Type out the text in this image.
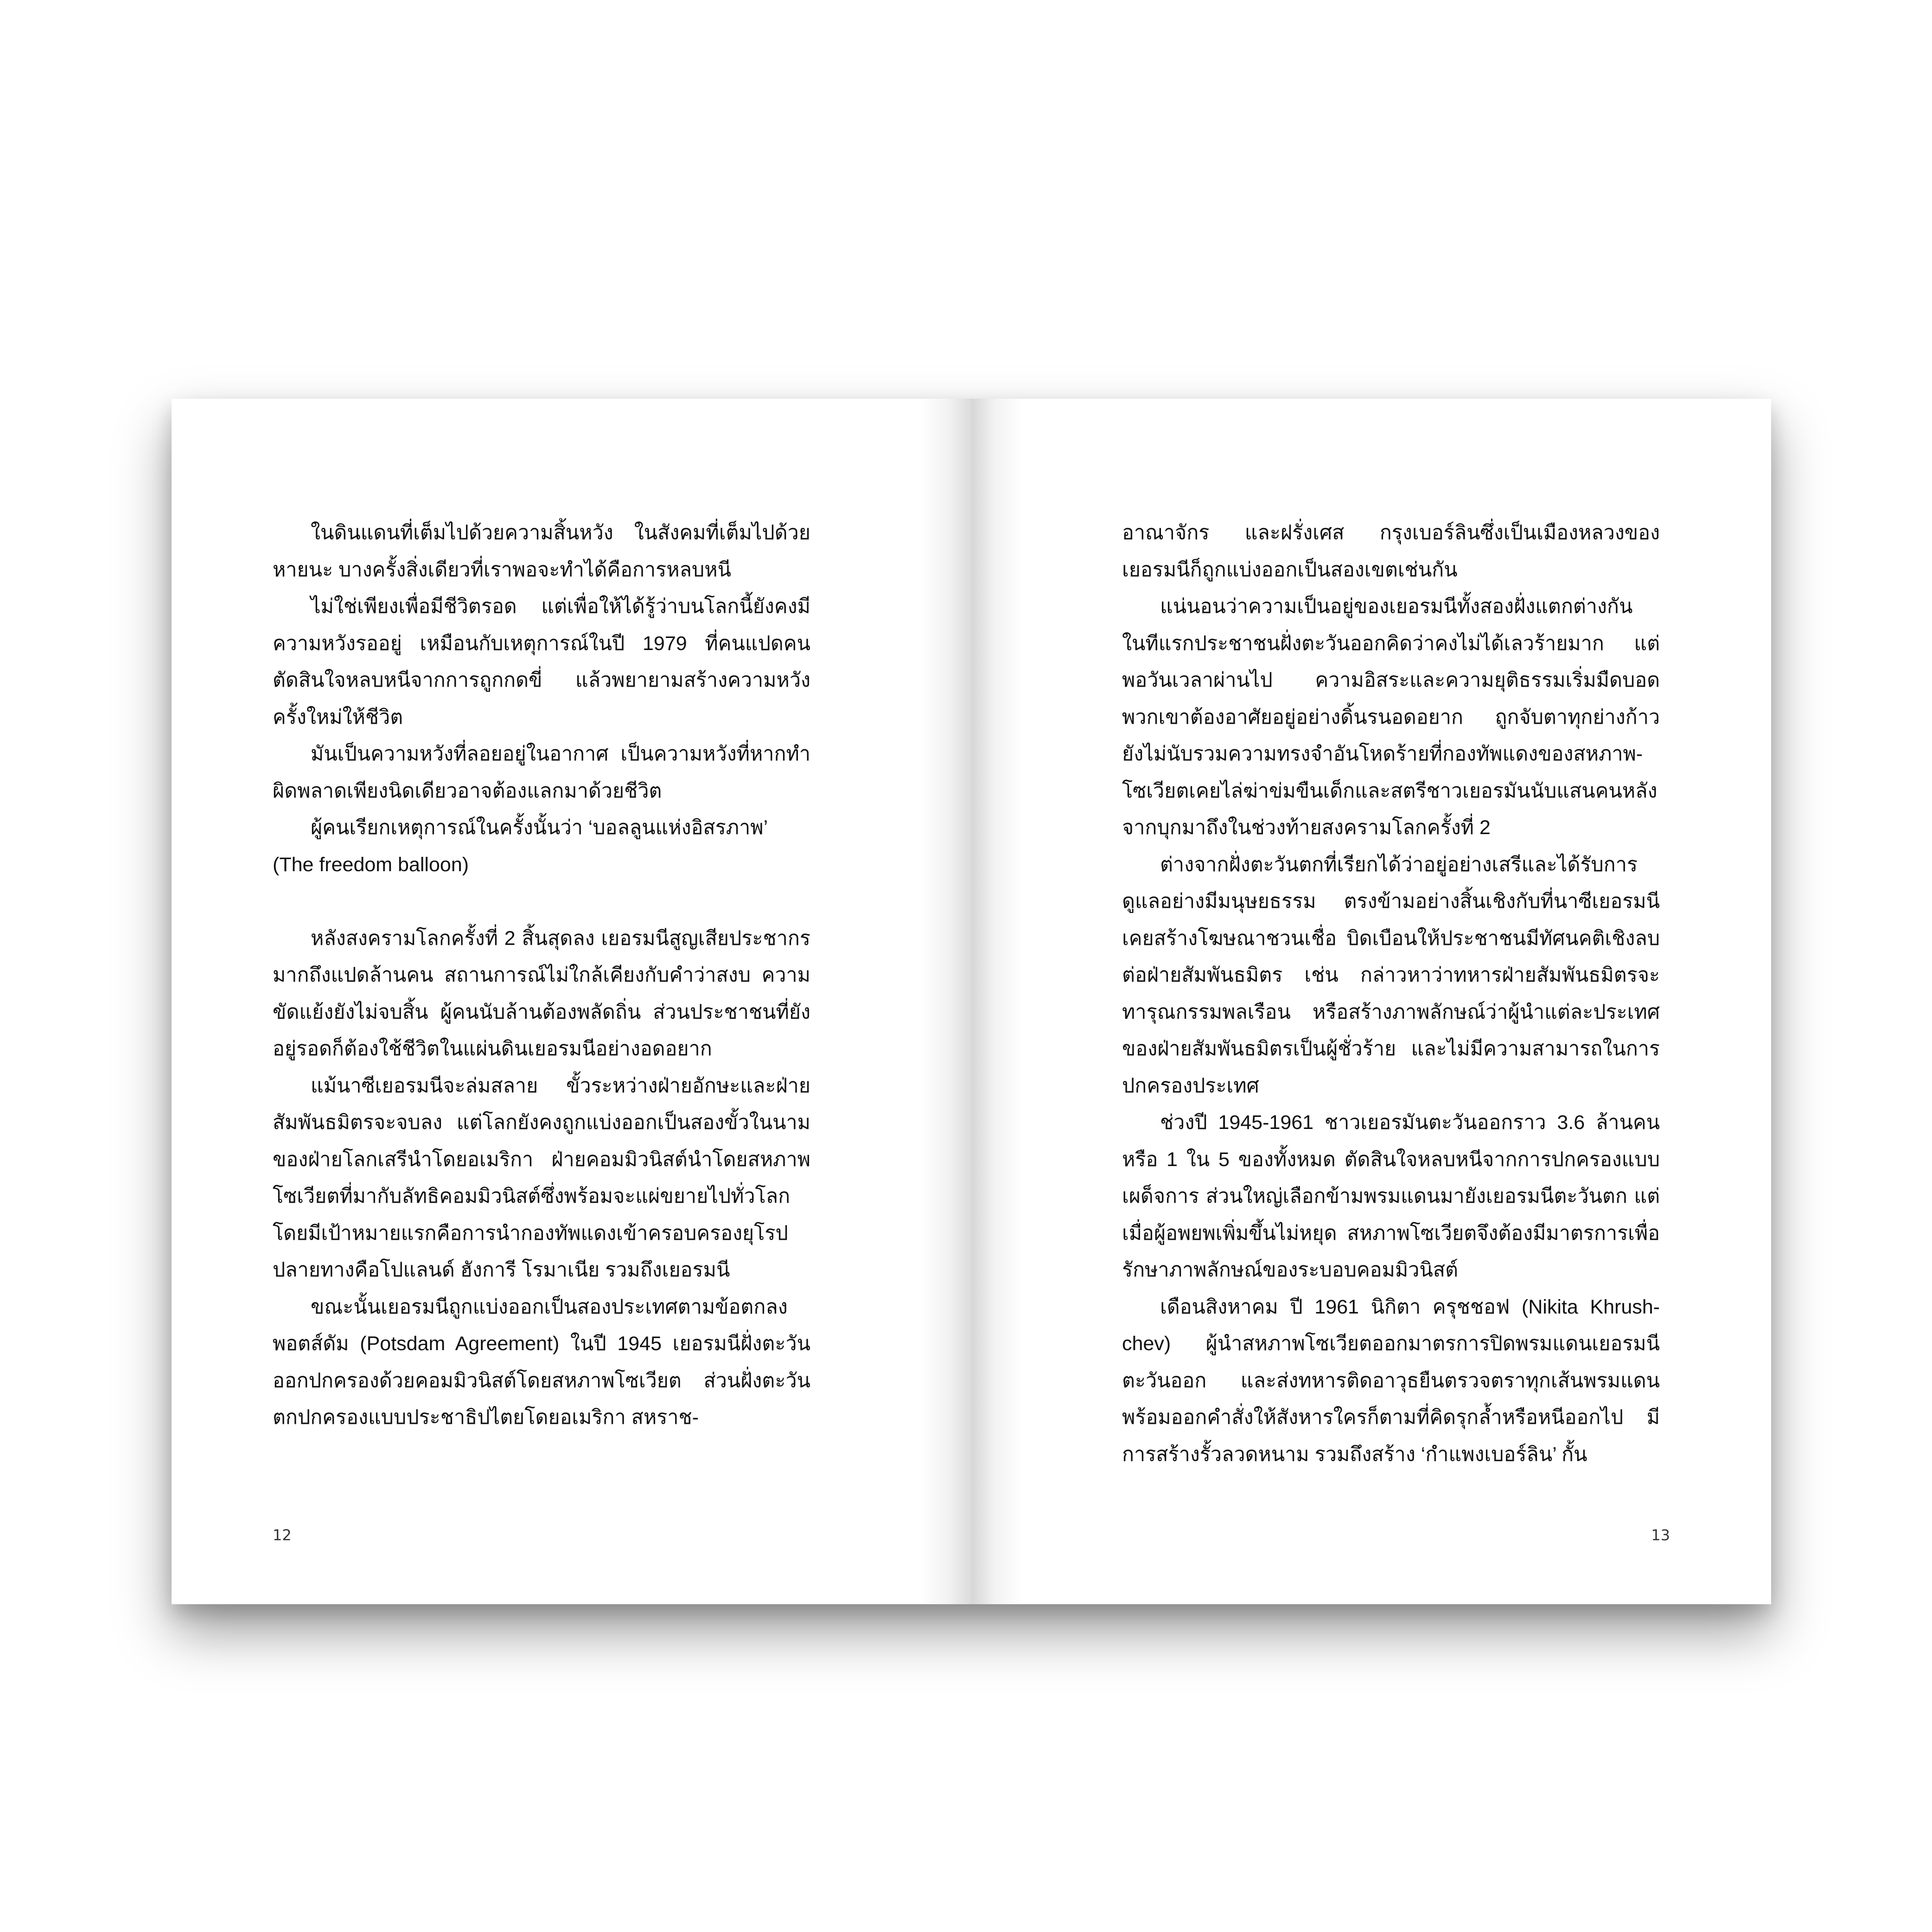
ในดินแดนที่เต็มไปด้วยความสิ้นหวัง ในสังคมที่เต็มไปด้วยหายนะ บางครั้งสิ่งเดียวที่เราพอจะทำได้คือการหลบหนี

ไม่ใช่เพียงเพื่อมีชีวิตรอด แต่เพื่อให้ได้รู้ว่าบนโลกนี้ยังคงมีความหวังรออยู่ เหมือนกับเหตุการณ์ในปี 1979 ที่คนแปดคนตัดสินใจหลบหนีจากการถูกกดขี่ แล้วพยายามสร้างความหวังครั้งใหม่ให้ชีวิต

มันเป็นความหวังที่ลอยอยู่ในอากาศ เป็นความหวังที่หากทำผิดพลาดเพียงนิดเดียวอาจต้องแลกมาด้วยชีวิต

ผู้คนเรียกเหตุการณ์ในครั้งนั้นว่า ‘บอลลูนแห่งอิสรภาพ’

(The freedom balloon)

หลังสงครามโลกครั้งที่ 2 สิ้นสุดลง เยอรมนีสูญเสียประชากรมากถึงแปดล้านคน สถานการณ์ไม่ใกล้เคียงกับคำว่าสงบ ความขัดแย้งยังไม่จบสิ้น ผู้คนนับล้านต้องพลัดถิ่น ส่วนประชาชนที่ยังอยู่รอดก็ต้องใช้ชีวิตในแผ่นดินเยอรมนีอย่างอดอยาก

แม้นาซีเยอรมนีจะล่มสลาย ขั้วระหว่างฝ่ายอักษะและฝ่ายสัมพันธมิตรจะจบลง แต่โลกยังคงถูกแบ่งออกเป็นสองขั้วในนามของฝ่ายโลกเสรีนำโดยอเมริกา ฝ่ายคอมมิวนิสต์นำโดยสหภาพโซเวียตที่มากับลัทธิคอมมิวนิสต์ซึ่งพร้อมจะแผ่ขยายไปทั่วโลก โดยมีเป้าหมายแรกคือการนำกองทัพแดงเข้าครอบครองยุโรป ปลายทางคือโปแลนด์ ฮังการี โรมาเนีย รวมถึงเยอรมนี

ขณะนั้นเยอรมนีถูกแบ่งออกเป็นสองประเทศตามข้อตกลงพอตส์ดัม (Potsdam Agreement) ในปี 1945 เยอรมนีฝั่งตะวันออกปกครองด้วยคอมมิวนิสต์โดยสหภาพโซเวียต ส่วนฝั่งตะวันตกปกครองแบบประชาธิปไตยโดยอเมริกา สหราช-

12

อาณาจักร และฝรั่งเศส กรุงเบอร์ลินซึ่งเป็นเมืองหลวงของเยอรมนีก็ถูกแบ่งออกเป็นสองเขตเช่นกัน

แน่นอนว่าความเป็นอยู่ของเยอรมนีทั้งสองฝั่งแตกต่างกัน ในทีแรกประชาชนฝั่งตะวันออกคิดว่าคงไม่ได้เลวร้ายมาก แต่พอวันเวลาผ่านไป ความอิสระและความยุติธรรมเริ่มมืดบอด พวกเขาต้องอาศัยอยู่อย่างดิ้นรนอดอยาก ถูกจับตาทุกย่างก้าว ยังไม่นับรวมความทรงจำอันโหดร้ายที่กองทัพแดงของสหภาพ-โซเวียตเคยไล่ฆ่าข่มขืนเด็กและสตรีชาวเยอรมันนับแสนคนหลังจากบุกมาถึงในช่วงท้ายสงครามโลกครั้งที่ 2

ต่างจากฝั่งตะวันตกที่เรียกได้ว่าอยู่อย่างเสรีและได้รับการดูแลอย่างมีมนุษยธรรม ตรงข้ามอย่างสิ้นเชิงกับที่นาซีเยอรมนีเคยสร้างโฆษณาชวนเชื่อ บิดเบือนให้ประชาชนมีทัศนคติเชิงลบต่อฝ่ายสัมพันธมิตร เช่น กล่าวหาว่าทหารฝ่ายสัมพันธมิตรจะทารุณกรรมพลเรือน หรือสร้างภาพลักษณ์ว่าผู้นำแต่ละประเทศของฝ่ายสัมพันธมิตรเป็นผู้ชั่วร้าย และไม่มีความสามารถในการปกครองประเทศ

ช่วงปี 1945-1961 ชาวเยอรมันตะวันออกราว 3.6 ล้านคน หรือ 1 ใน 5 ของทั้งหมด ตัดสินใจหลบหนีจากการปกครองแบบเผด็จการ ส่วนใหญ่เลือกข้ามพรมแดนมายังเยอรมนีตะวันตก แต่เมื่อผู้อพยพเพิ่มขึ้นไม่หยุด สหภาพโซเวียตจึงต้องมีมาตรการเพื่อรักษาภาพลักษณ์ของระบอบคอมมิวนิสต์

เดือนสิงหาคม ปี 1961 นิกิตา ครุชชอฟ (Nikita Khrush-chev) ผู้นำสหภาพโซเวียตออกมาตรการปิดพรมแดนเยอรมนีตะวันออก และส่งทหารติดอาวุธยืนตรวจตราทุกเส้นพรมแดน พร้อมออกคำสั่งให้สังหารใครก็ตามที่คิดรุกล้ำหรือหนีออกไป มีการสร้างรั้วลวดหนาม รวมถึงสร้าง ‘กำแพงเบอร์ลิน’ กั้น

13
